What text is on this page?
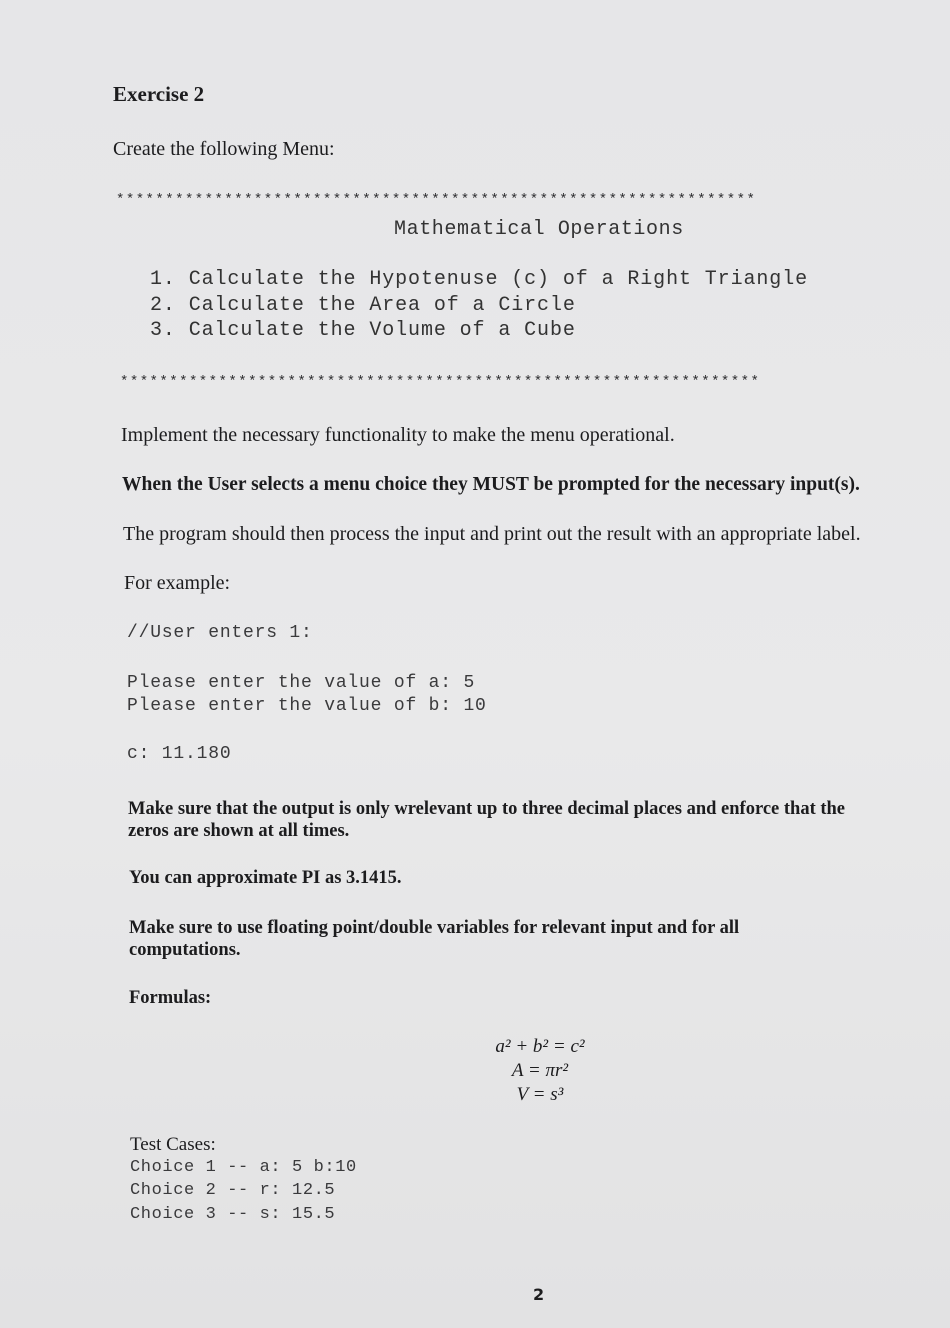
Exercise 2
Create the following Menu:
*****************************************************************
Mathematical Operations
1. Calculate the Hypotenuse (c) of a Right Triangle
2. Calculate the Area of a Circle
3. Calculate the Volume of a Cube
*****************************************************************
Implement the necessary functionality to make the menu operational.
When the User selects a menu choice they MUST be prompted for the necessary input(s).
The program should then process the input and print out the result with an appropriate label.
For example:
//User enters 1:
Please enter the value of a: 5
Please enter the value of b: 10
c: 11.180
Make sure that the output is only wrelevant up to three decimal places and enforce that the
zeros are shown at all times.
You can approximate PI as 3.1415.
Make sure to use floating point/double variables for relevant input and for all
computations.
Formulas:
a² + b² = c²
A = πr²
V = s³
Test Cases:
Choice 1 -- a: 5 b:10
Choice 2 -- r: 12.5
Choice 3 -- s: 15.5
2
